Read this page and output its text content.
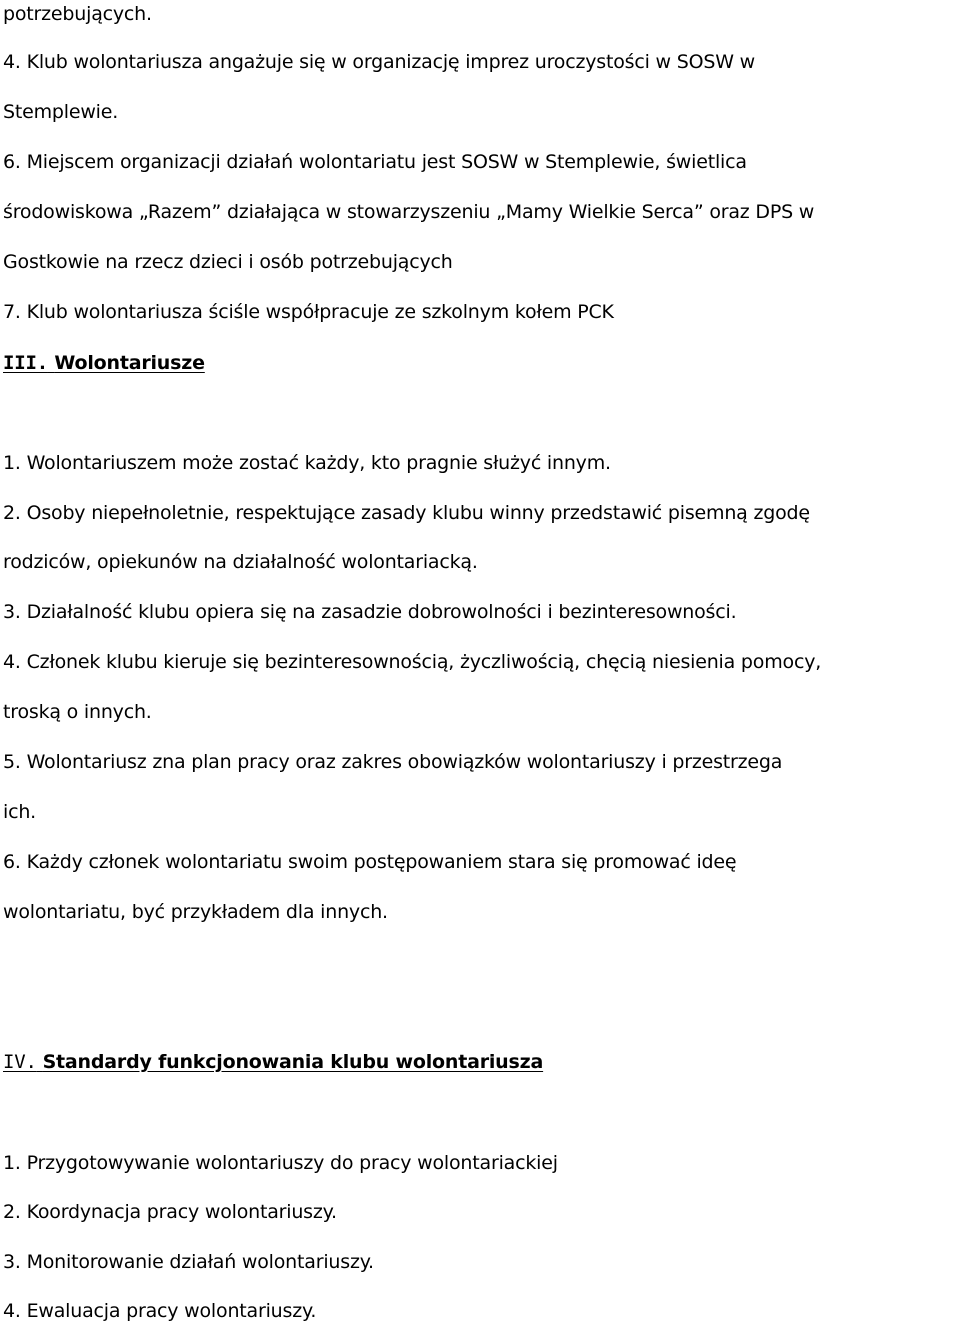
potrzebujących.

4. Klub wolontariusza angażuje się w organizację imprez uroczystości w SOSW w

Stemplewie.

6. Miejscem organizacji działań wolontariatu jest SOSW w Stemplewie, świetlica

środowiskowa „Razem” działająca w stowarzyszeniu „Mamy Wielkie Serca” oraz DPS w

Gostkowie na rzecz dzieci i osób potrzebujących

7. Klub wolontariusza ściśle współpracuje ze szkolnym kołem PCK

III. Wolontariusze

1. Wolontariuszem może zostać każdy, kto pragnie służyć innym.

2. Osoby niepełnoletnie, respektujące zasady klubu winny przedstawić pisemną zgodę

rodziców, opiekunów na działalność wolontariacką.

3. Działalność klubu opiera się na zasadzie dobrowolności i bezinteresowności.

4. Członek klubu kieruje się bezinteresownością, życzliwością, chęcią niesienia pomocy,

troską o innych.

5. Wolontariusz zna plan pracy oraz zakres obowiązków wolontariuszy i przestrzega

ich.

6. Każdy członek wolontariatu swoim postępowaniem stara się promować ideę

wolontariatu, być przykładem dla innych.

IV. Standardy funkcjonowania klubu wolontariusza

1. Przygotowywanie wolontariuszy do pracy wolontariackiej

2. Koordynacja pracy wolontariuszy.

3. Monitorowanie działań wolontariuszy.

4. Ewaluacja pracy wolontariuszy.
